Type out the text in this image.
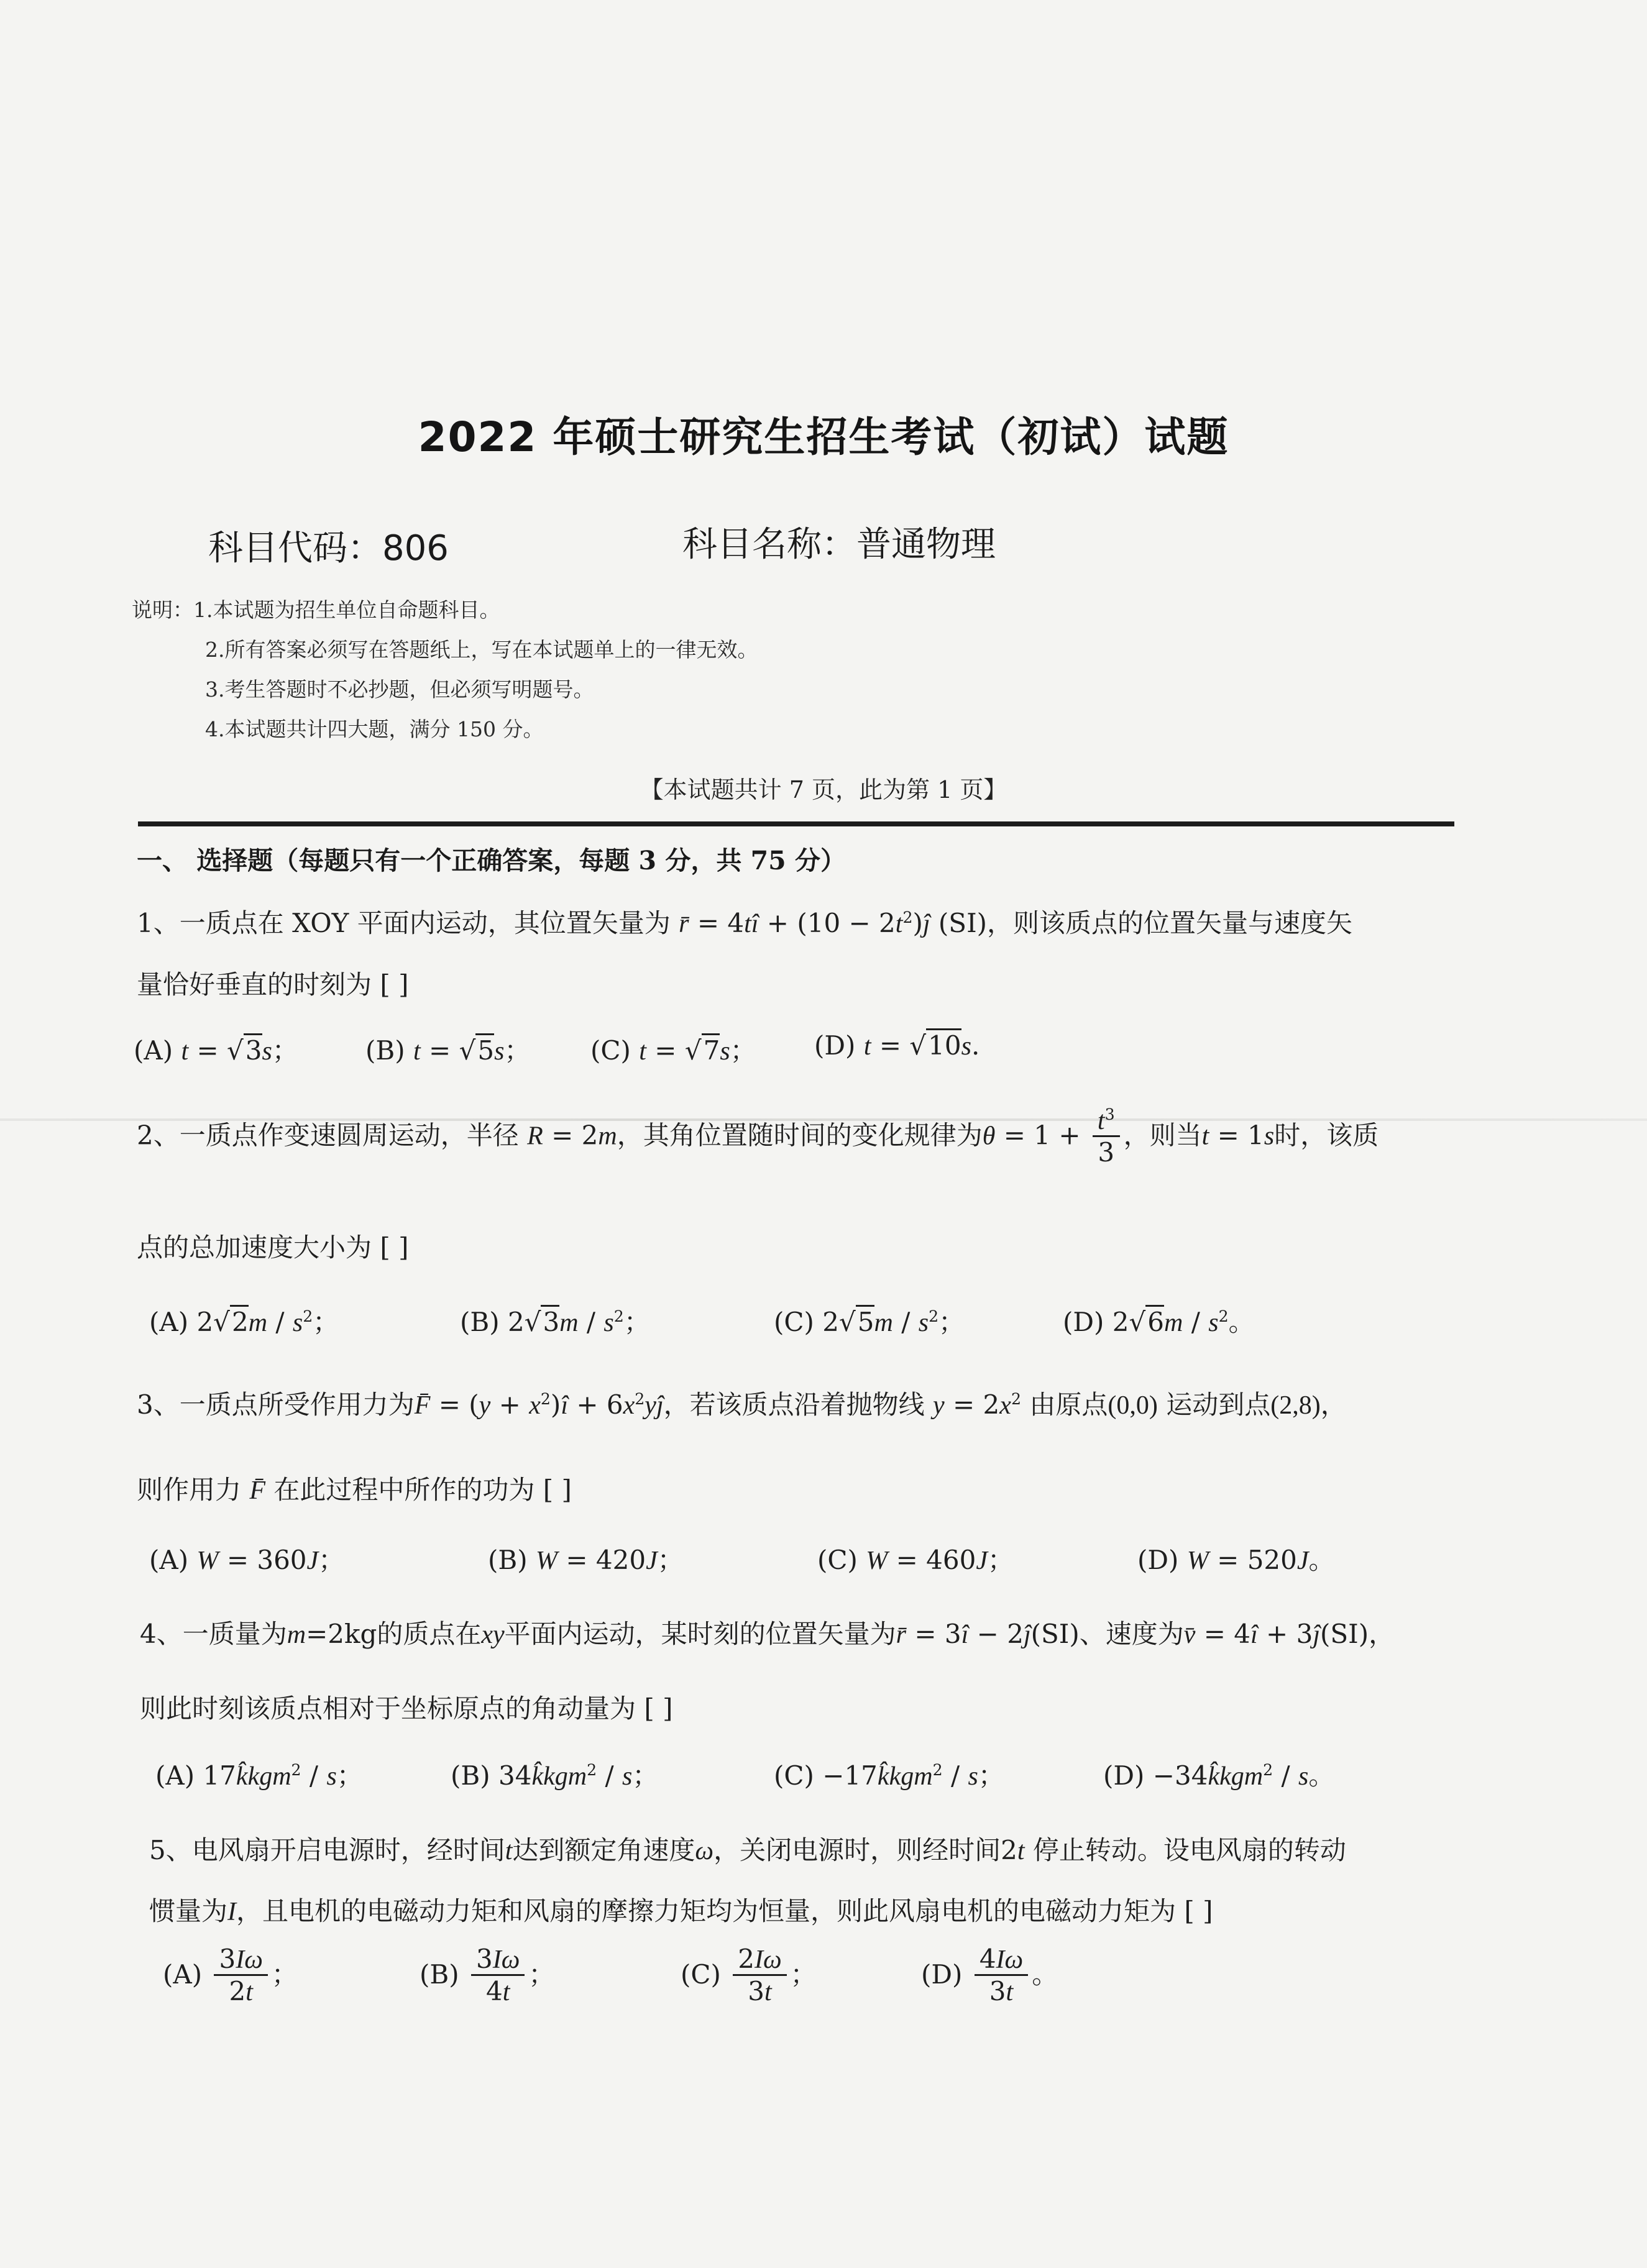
2022 年硕士研究生招生考试（初试）试题
科目代码：806	科目名称：普通物理
说明：1.本试题为招生单位自命题科目。
2.所有答案必须写在答题纸上，写在本试题单上的一律无效。
3.考生答题时不必抄题，但必须写明题号。
4.本试题共计四大题，满分 150 分。
【本试题共计 7 页，此为第 1 页】
一、 选择题（每题只有一个正确答案，每题 3 分，共 75 分）
1、一质点在 XOY 平面内运动，其位置矢量为 r̄ = 4tî + $(10 - 2t^2)ĵ$ (SI)，则该质点的位置矢量与速度矢
量恰好垂直的时刻为 [ ]
(A) t = √3s；	(B) t = √5s； (C) t = √7s； (D) t = √10s.
2、一质点作变速圆周运动，半径 R = 2m，其角位置随时间的变化规律为$\theta = 1 + \frac{t^3}{3}$ ，则当t = 1s时，该质
点的总加速度大小为 [ ]
(A) $2√2m / s^2$；	(B) $2√3m / s^2$；	(C) $2√5m / s^2$；	(D) $2√6m / s^2$。
3、一质点所受作用力为F̄ = $(y + x^2)î$ + $6x^2yĵ$，若该质点沿着抛物线 $y = 2x^2$ 由原点(0,0) 运动到点(2,8)，
则作用力 F̄ 在此过程中所作的功为 [ ]
(A) W = 360J；	(B) W = 420J；	(C) W = 460J；	(D) W = 520J。
4、一质量为m=2kg的质点在xy平面内运动，某时刻的位置矢量为r̄ = 3î − 2ĵ(SI)、速度为v̄ = 4î + 3ĵ(SI)，
则此时刻该质点相对于坐标原点的角动量为 [ ]
(A) 17k̂kgm$^2$ / s；	(B) 34k̂kgm$^2$ / s；	(C) −17k̂kgm$^2$ / s；	(D) −34k̂kgm$^2$ / s。
5、电风扇开启电源时，经时间t达到额定角速度ω，关闭电源时，则经时间2t 停止转动。设电风扇的转动
惯量为I，且电机的电磁动力矩和风扇的摩擦力矩均为恒量，则此风扇电机的电磁动力矩为 [ ]
$(A) \frac{3I\omega}{2t}$ ；	$(B) \frac{3I\omega}{4t}$ ；	$(C) \frac{2I\omega}{3t}$ ；	$(D) \frac{4I\omega}{3t}$ 。
